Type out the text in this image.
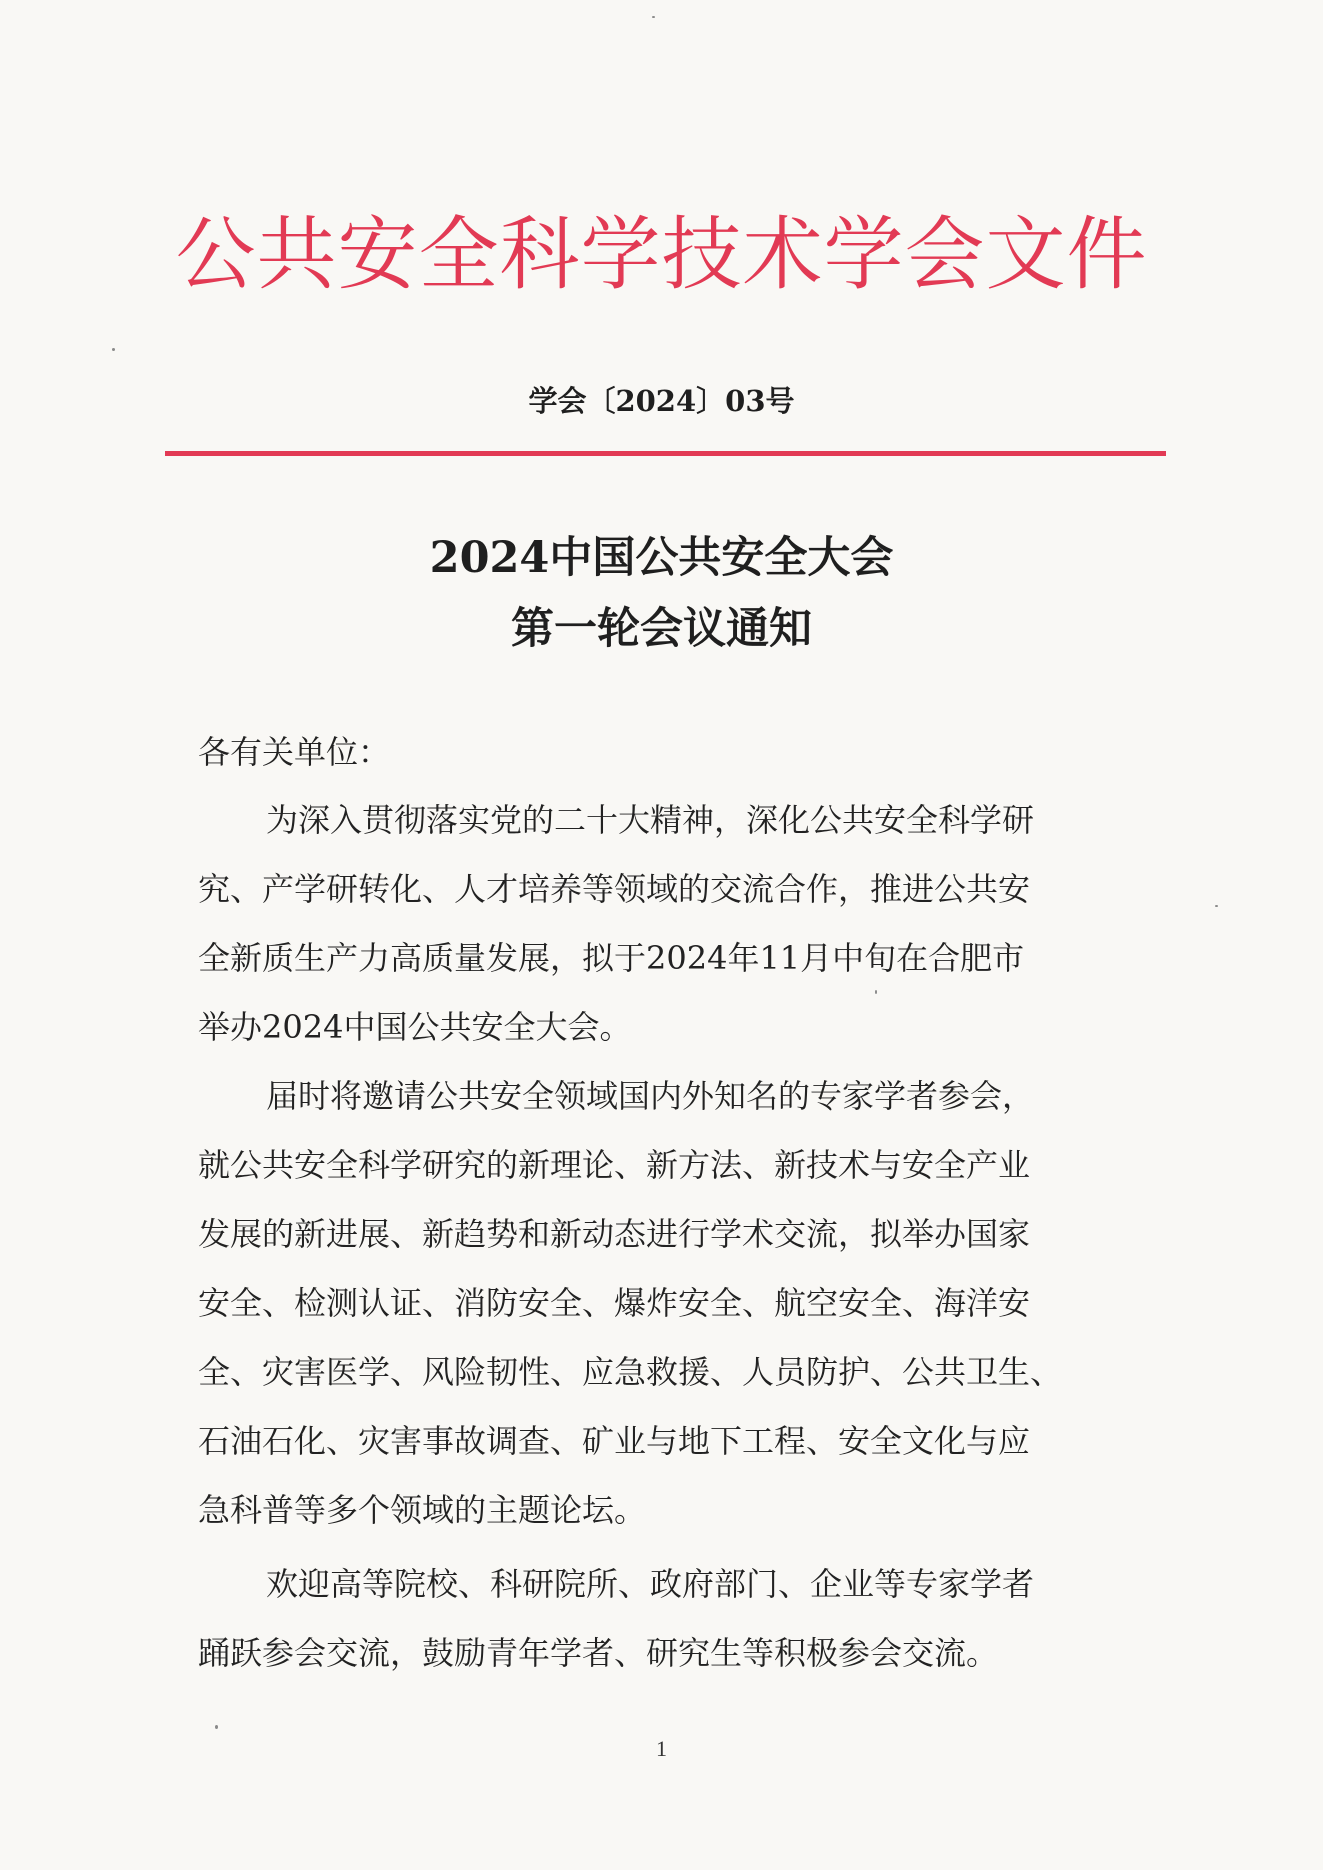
公共安全科学技术学会文件
学会〔2024〕03号
2024中国公共安全大会
第一轮会议通知
各有关单位：
为深入贯彻落实党的二十大精神，深化公共安全科学研
究、产学研转化、人才培养等领域的交流合作，推进公共安
全新质生产力高质量发展，拟于2024年11月中旬在合肥市
举办2024中国公共安全大会。
届时将邀请公共安全领域国内外知名的专家学者参会，
就公共安全科学研究的新理论、新方法、新技术与安全产业
发展的新进展、新趋势和新动态进行学术交流，拟举办国家
安全、检测认证、消防安全、爆炸安全、航空安全、海洋安
全、灾害医学、风险韧性、应急救援、人员防护、公共卫生、
石油石化、灾害事故调查、矿业与地下工程、安全文化与应
急科普等多个领域的主题论坛。
欢迎高等院校、科研院所、政府部门、企业等专家学者
踊跃参会交流，鼓励青年学者、研究生等积极参会交流。
1
